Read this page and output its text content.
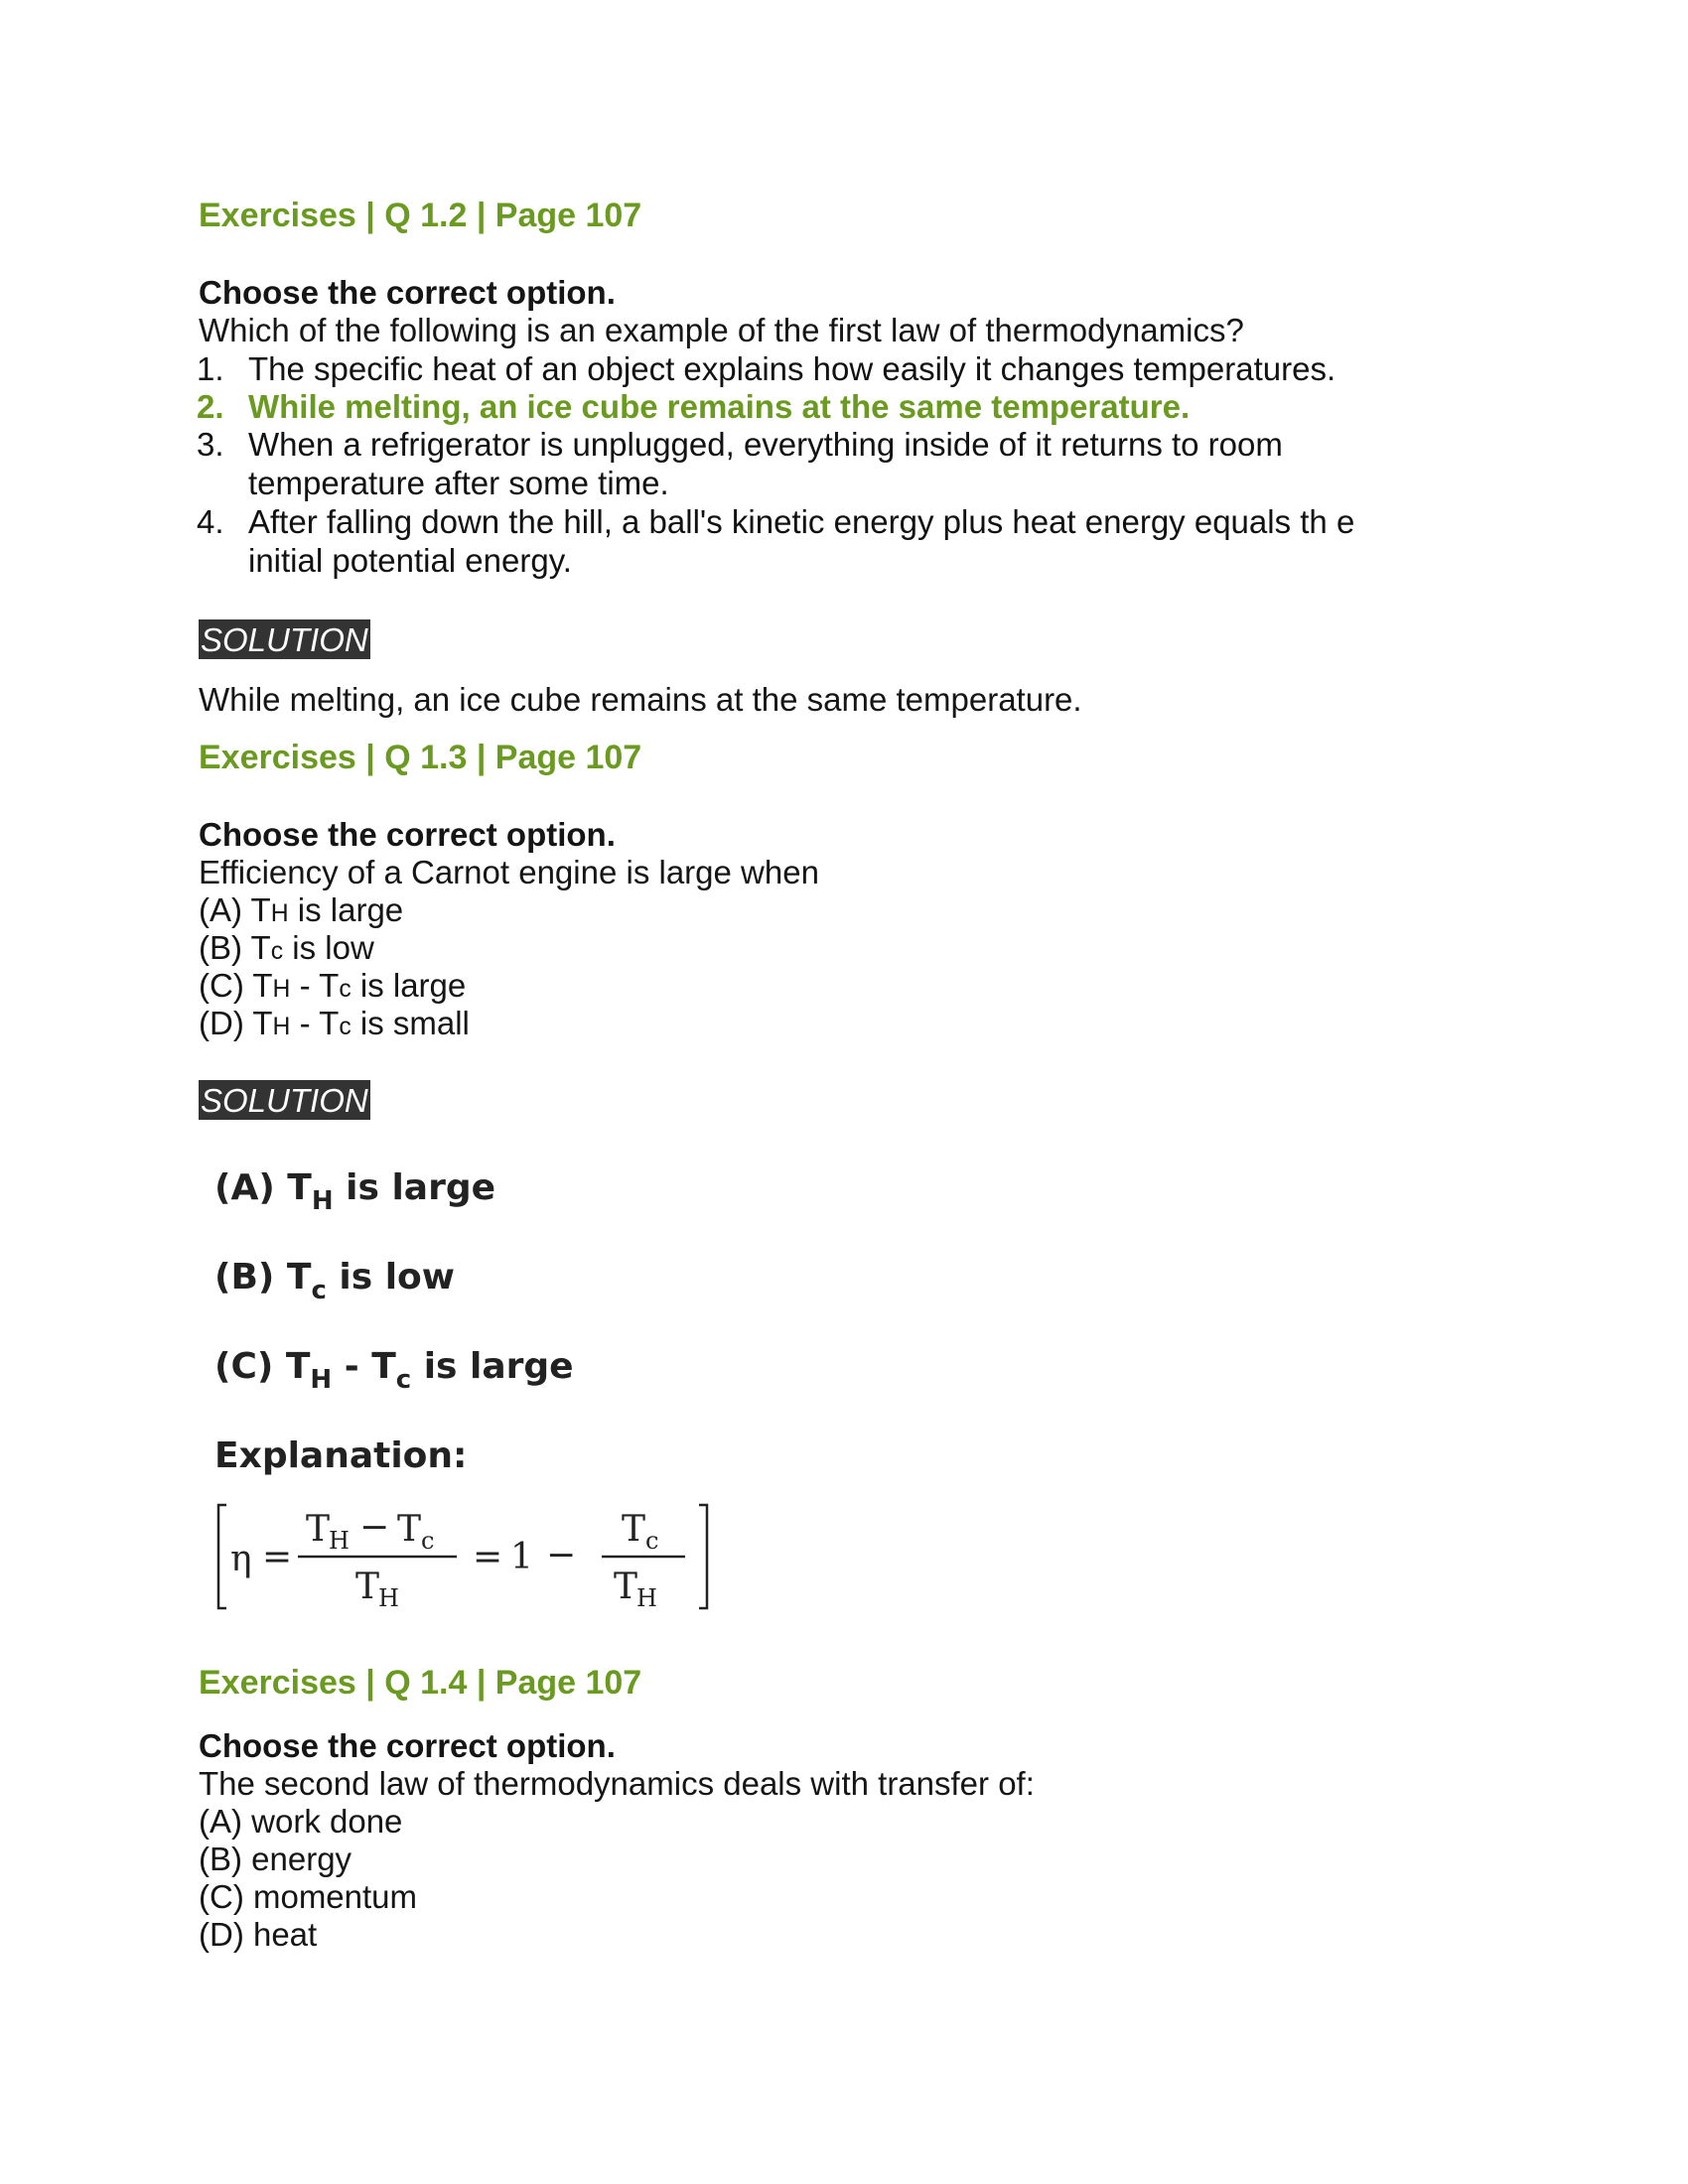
Exercises | Q 1.2 | Page 107
Choose the correct option.
Which of the following is an example of the first law of thermodynamics?
1. The specific heat of an object explains how easily it changes temperatures.
2. While melting, an ice cube remains at the same temperature.
3. When a refrigerator is unplugged, everything inside of it returns to room
temperature after some time.
4. After falling down the hill, a ball's kinetic energy plus heat energy equals th e
initial potential energy.
SOLUTION
While melting, an ice cube remains at the same temperature.
Exercises | Q 1.3 | Page 107
Choose the correct option.
Efficiency of a Carnot engine is large when
(A) TH is large
(B) Tc is low
(C) TH - Tc is large
(D) TH - Tc is small
SOLUTION
(A) $T_H$ is large
(B) $T_c$ is low
(C) $T_H - T_c$ is large
Explanation:
η =
T
H − T c
T
H
= 1 −
T c
T
H
Exercises | Q 1.4 | Page 107
Choose the correct option.
The second law of thermodynamics deals with transfer of:
(A) work done
(B) energy
(C) momentum
(D) heat
